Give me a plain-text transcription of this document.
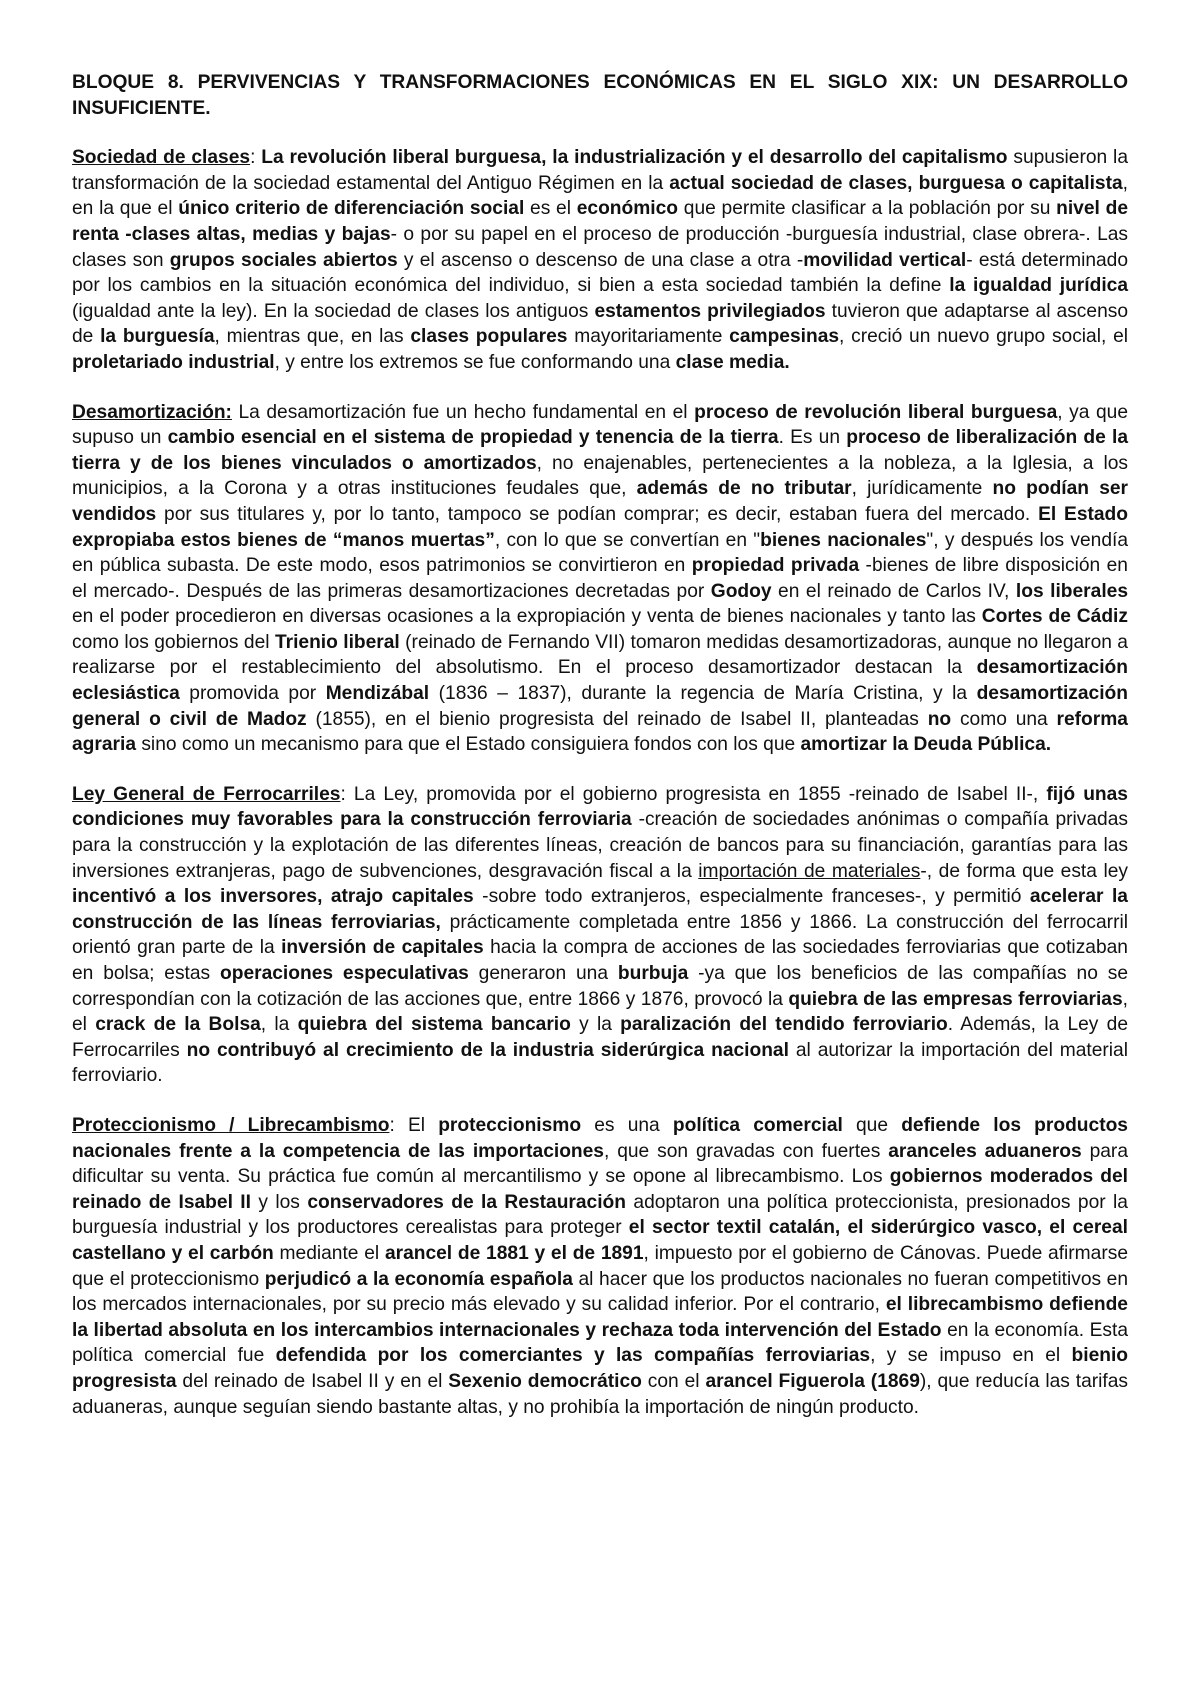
BLOQUE 8. PERVIVENCIAS Y TRANSFORMACIONES ECONÓMICAS EN EL SIGLO XIX: UN DESARROLLO INSUFICIENTE.
Sociedad de clases: La revolución liberal burguesa, la industrialización y el desarrollo del capitalismo supusieron la transformación de la sociedad estamental del Antiguo Régimen en la actual sociedad de clases, burguesa o capitalista, en la que el único criterio de diferenciación social es el económico que permite clasificar a la población por su nivel de renta -clases altas, medias y bajas- o por su papel en el proceso de producción -burguesía industrial, clase obrera-. Las clases son grupos sociales abiertos y el ascenso o descenso de una clase a otra -movilidad vertical- está determinado por los cambios en la situación económica del individuo, si bien a esta sociedad también la define la igualdad jurídica (igualdad ante la ley). En la sociedad de clases los antiguos estamentos privilegiados tuvieron que adaptarse al ascenso de la burguesía, mientras que, en las clases populares mayoritariamente campesinas, creció un nuevo grupo social, el proletariado industrial, y entre los extremos se fue conformando una clase media.
Desamortización: La desamortización fue un hecho fundamental en el proceso de revolución liberal burguesa, ya que supuso un cambio esencial en el sistema de propiedad y tenencia de la tierra. Es un proceso de liberalización de la tierra y de los bienes vinculados o amortizados, no enajenables, pertenecientes a la nobleza, a la Iglesia, a los municipios, a la Corona y a otras instituciones feudales que, además de no tributar, jurídicamente no podían ser vendidos por sus titulares y, por lo tanto, tampoco se podían comprar; es decir, estaban fuera del mercado. El Estado expropiaba estos bienes de “manos muertas”, con lo que se convertían en "bienes nacionales", y después los vendía en pública subasta. De este modo, esos patrimonios se convirtieron en propiedad privada -bienes de libre disposición en el mercado-. Después de las primeras desamortizaciones decretadas por Godoy en el reinado de Carlos IV, los liberales en el poder procedieron en diversas ocasiones a la expropiación y venta de bienes nacionales y tanto las Cortes de Cádiz como los gobiernos del Trienio liberal (reinado de Fernando VII) tomaron medidas desamortizadoras, aunque no llegaron a realizarse por el restablecimiento del absolutismo. En el proceso desamortizador destacan la desamortización eclesiástica promovida por Mendizábal (1836 – 1837), durante la regencia de María Cristina, y la desamortización general o civil de Madoz (1855), en el bienio progresista del reinado de Isabel II, planteadas no como una reforma agraria sino como un mecanismo para que el Estado consiguiera fondos con los que amortizar la Deuda Pública.
Ley General de Ferrocarriles: La Ley, promovida por el gobierno progresista en 1855 -reinado de Isabel II-, fijó unas condiciones muy favorables para la construcción ferroviaria -creación de sociedades anónimas o compañía privadas para la construcción y la explotación de las diferentes líneas, creación de bancos para su financiación, garantías para las inversiones extranjeras, pago de subvenciones, desgravación fiscal a la importación de materiales-, de forma que esta ley incentivó a los inversores, atrajo capitales -sobre todo extranjeros, especialmente franceses-, y permitió acelerar la construcción de las líneas ferroviarias, prácticamente completada entre 1856 y 1866. La construcción del ferrocarril orientó gran parte de la inversión de capitales hacia la compra de acciones de las sociedades ferroviarias que cotizaban en bolsa; estas operaciones especulativas generaron una burbuja -ya que los beneficios de las compañías no se correspondían con la cotización de las acciones que, entre 1866 y 1876, provocó la quiebra de las empresas ferroviarias, el crack de la Bolsa, la quiebra del sistema bancario y la paralización del tendido ferroviario. Además, la Ley de Ferrocarriles no contribuyó al crecimiento de la industria siderúrgica nacional al autorizar la importación del material ferroviario.
Proteccionismo / Librecambismo: El proteccionismo es una política comercial que defiende los productos nacionales frente a la competencia de las importaciones, que son gravadas con fuertes aranceles aduaneros para dificultar su venta. Su práctica fue común al mercantilismo y se opone al librecambismo. Los gobiernos moderados del reinado de Isabel II y los conservadores de la Restauración adoptaron una política proteccionista, presionados por la burguesía industrial y los productores cerealistas para proteger el sector textil catalán, el siderúrgico vasco, el cereal castellano y el carbón mediante el arancel de 1881 y el de 1891, impuesto por el gobierno de Cánovas. Puede afirmarse que el proteccionismo perjudicó a la economía española al hacer que los productos nacionales no fueran competitivos en los mercados internacionales, por su precio más elevado y su calidad inferior. Por el contrario, el librecambismo defiende la libertad absoluta en los intercambios internacionales y rechaza toda intervención del Estado en la economía. Esta política comercial fue defendida por los comerciantes y las compañías ferroviarias, y se impuso en el bienio progresista del reinado de Isabel II y en el Sexenio democrático con el arancel Figuerola (1869), que reducía las tarifas aduaneras, aunque seguían siendo bastante altas, y no prohibía la importación de ningún producto.
